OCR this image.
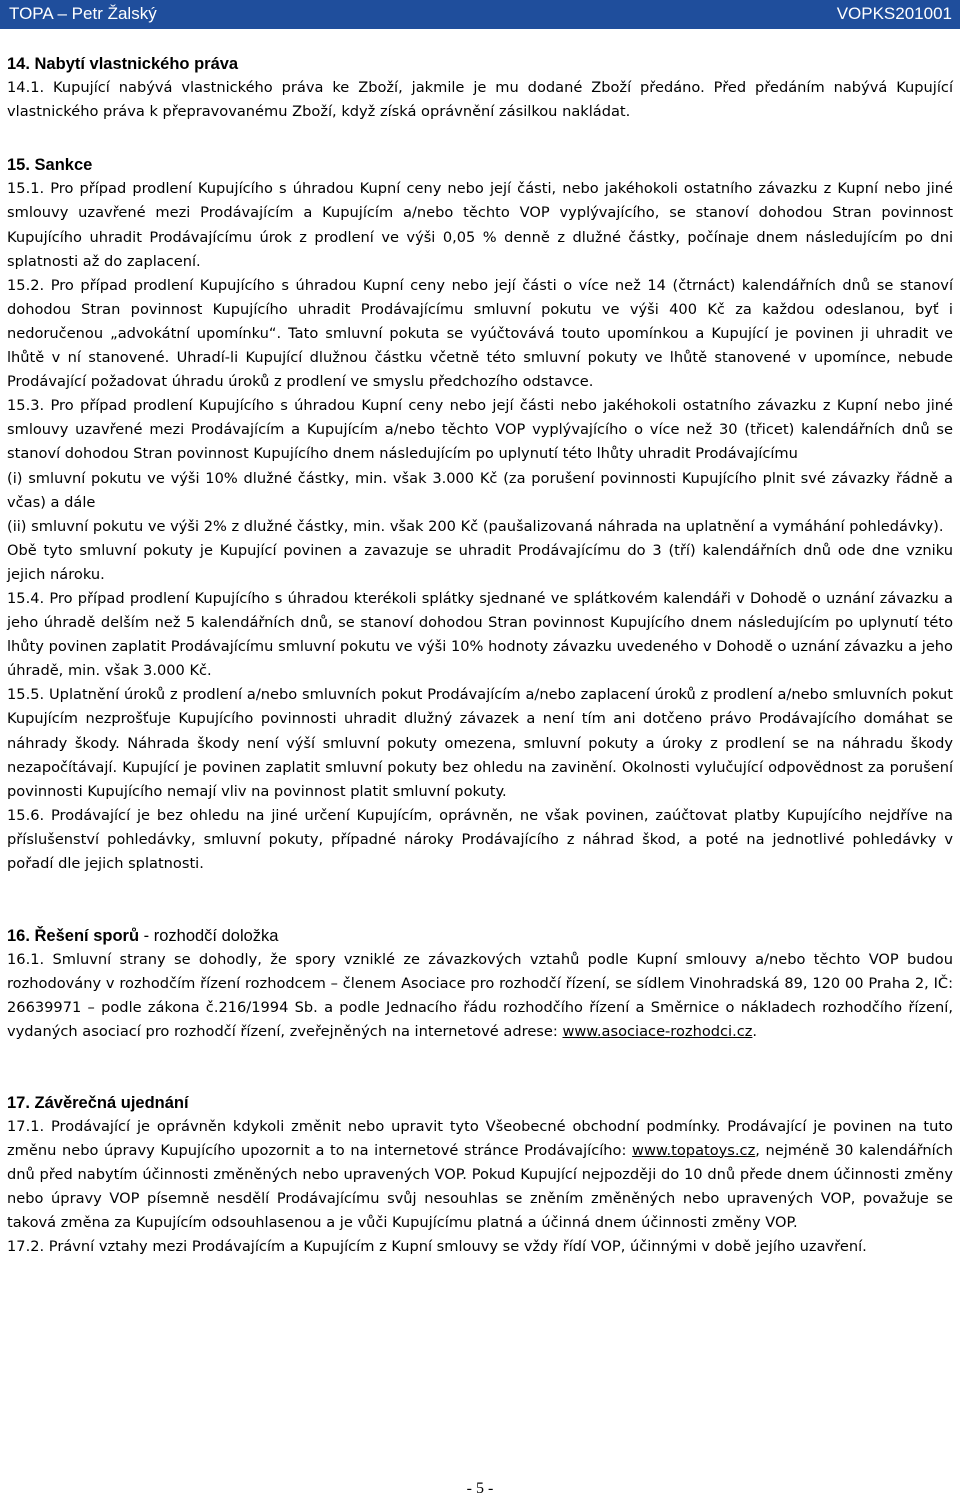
TOPA – Petr Žalský	VOPKS201001

14. Nabytí vlastnického práva

14.1. Kupující nabývá vlastnického práva ke Zboží, jakmile je mu dodané Zboží předáno. Před předáním nabývá Kupující vlastnického práva k přepravovanému Zboží, když získá oprávnění zásilkou nakládat.

15. Sankce

15.1. Pro případ prodlení Kupujícího s úhradou Kupní ceny nebo její části, nebo jakéhokoli ostatního závazku z Kupní nebo jiné smlouvy uzavřené mezi Prodávajícím a Kupujícím a/nebo těchto VOP vyplývajícího, se stanoví dohodou Stran povinnost Kupujícího uhradit Prodávajícímu úrok z prodlení ve výši 0,05 % denně z dlužné částky, počínaje dnem následujícím po dni splatnosti až do zaplacení.

15.2. Pro případ prodlení Kupujícího s úhradou Kupní ceny nebo její části o více než 14 (čtrnáct) kalendářních dnů se stanoví dohodou Stran povinnost Kupujícího uhradit Prodávajícímu smluvní pokutu ve výši 400 Kč za každou odeslanou, byť i nedoručenou „advokátní upomínku“. Tato smluvní pokuta se vyúčtovává touto upomínkou a Kupující je povinen ji uhradit ve lhůtě v ní stanovené. Uhradí-li Kupující dlužnou částku včetně této smluvní pokuty ve lhůtě stanovené v upomínce, nebude Prodávající požadovat úhradu úroků z prodlení ve smyslu předchozího odstavce.

15.3. Pro případ prodlení Kupujícího s úhradou Kupní ceny nebo její části nebo jakéhokoli ostatního závazku z Kupní nebo jiné smlouvy uzavřené mezi Prodávajícím a Kupujícím a/nebo těchto VOP vyplývajícího o více než 30 (třicet) kalendářních dnů se stanoví dohodou Stran povinnost Kupujícího dnem následujícím po uplynutí této lhůty uhradit Prodávajícímu

(i) smluvní pokutu ve výši 10% dlužné částky, min. však 3.000 Kč (za porušení povinnosti Kupujícího plnit své závazky řádně a včas) a dále

(ii) smluvní pokutu ve výši 2% z dlužné částky, min. však 200 Kč (paušalizovaná náhrada na uplatnění a vymáhání pohledávky).

Obě tyto smluvní pokuty je Kupující povinen a zavazuje se uhradit Prodávajícímu do 3 (tří) kalendářních dnů ode dne vzniku jejich nároku.

15.4. Pro případ prodlení Kupujícího s úhradou kterékoli splátky sjednané ve splátkovém kalendáři v Dohodě o uznání závazku a jeho úhradě delším než 5 kalendářních dnů, se stanoví dohodou Stran povinnost Kupujícího dnem následujícím po uplynutí této lhůty povinen zaplatit Prodávajícímu smluvní pokutu ve výši 10% hodnoty závazku uvedeného v Dohodě o uznání závazku a jeho úhradě, min. však 3.000 Kč.

15.5. Uplatnění úroků z prodlení a/nebo smluvních pokut Prodávajícím a/nebo zaplacení úroků z prodlení a/nebo smluvních pokut Kupujícím nezprošťuje Kupujícího povinnosti uhradit dlužný závazek a není tím ani dotčeno právo Prodávajícího domáhat se náhrady škody. Náhrada škody není výší smluvní pokuty omezena, smluvní pokuty a úroky z prodlení se na náhradu škody nezapočítávají. Kupující je povinen zaplatit smluvní pokuty bez ohledu na zavinění. Okolnosti vylučující odpovědnost za porušení povinnosti Kupujícího nemají vliv na povinnost platit smluvní pokuty.

15.6. Prodávající je bez ohledu na jiné určení Kupujícím, oprávněn, ne však povinen, zaúčtovat platby Kupujícího nejdříve na příslušenství pohledávky, smluvní pokuty, případné nároky Prodávajícího z náhrad škod, a poté na jednotlivé pohledávky v pořadí dle jejich splatnosti.

16. Řešení sporů - rozhodčí doložka

16.1. Smluvní strany se dohodly, že spory vzniklé ze závazkových vztahů podle Kupní smlouvy a/nebo těchto VOP budou rozhodovány v rozhodčím řízení rozhodcem – členem Asociace pro rozhodčí řízení, se sídlem Vinohradská 89, 120 00 Praha 2, IČ: 26639971 – podle zákona č.216/1994 Sb. a podle Jednacího řádu rozhodčího řízení a Směrnice o nákladech rozhodčího řízení, vydaných asociací pro rozhodčí řízení, zveřejněných na internetové adrese: www.asociace-rozhodci.cz.

17. Závěrečná ujednání

17.1. Prodávající je oprávněn kdykoli změnit nebo upravit tyto Všeobecné obchodní podmínky. Prodávající je povinen na tuto změnu nebo úpravy Kupujícího upozornit a to na internetové stránce Prodávajícího: www.topatoys.cz, nejméně 30 kalendářních dnů před nabytím účinnosti změněných nebo upravených VOP. Pokud Kupující nejpozději do 10 dnů přede dnem účinnosti změny nebo úpravy VOP písemně nesdělí Prodávajícímu svůj nesouhlas se zněním změněných nebo upravených VOP, považuje se taková změna za Kupujícím odsouhlasenou a je vůči Kupujícímu platná a účinná dnem účinnosti změny VOP.

17.2. Právní vztahy mezi Prodávajícím a Kupujícím z Kupní smlouvy se vždy řídí VOP, účinnými v době jejího uzavření.

- 5 -
